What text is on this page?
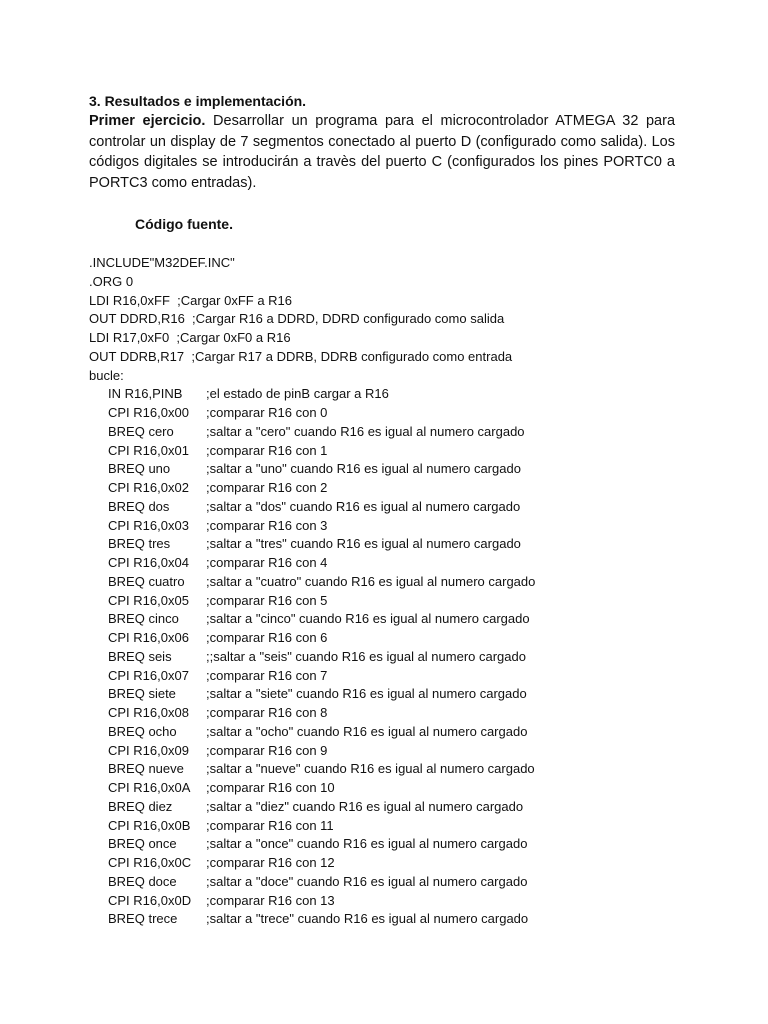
3. Resultados e implementación.

Primer ejercicio. Desarrollar un programa para el microcontrolador ATMEGA 32 para controlar un display de 7 segmentos conectado al puerto D (configurado como salida). Los códigos digitales se introducirán a travès del puerto C (configurados los pines PORTC0 a PORTC3 como entradas).

Código fuente.

.INCLUDE"M32DEF.INC"
.ORG 0
LDI R16,0xFF  ;Cargar 0xFF a R16
OUT DDRD,R16  ;Cargar R16 a DDRD, DDRD configurado como salida
LDI R17,0xF0  ;Cargar 0xF0 a R16
OUT DDRB,R17  ;Cargar R17 a DDRB, DDRB configurado como entrada
bucle:
IN R16,PINB ;el estado de pinB cargar a R16
CPI R16,0x00 ;comparar R16 con 0
BREQ cero ;saltar a "cero" cuando R16 es igual al numero cargado
CPI R16,0x01 ;comparar R16 con 1
BREQ uno	;saltar a "uno" cuando R16 es igual al numero cargado
CPI R16,0x02 ;comparar R16 con 2
BREQ dos	;saltar a "dos" cuando R16 es igual al numero cargado
CPI R16,0x03 ;comparar R16 con 3
BREQ tres	;saltar a "tres" cuando R16 es igual al numero cargado
CPI R16,0x04 ;comparar R16 con 4
BREQ cuatro ;saltar a "cuatro" cuando R16 es igual al numero cargado
CPI R16,0x05 ;comparar R16 con 5
BREQ cinco ;saltar a "cinco" cuando R16 es igual al numero cargado
CPI R16,0x06 ;comparar R16 con 6
BREQ seis	;;saltar a "seis" cuando R16 es igual al numero cargado
CPI R16,0x07 ;comparar R16 con 7
BREQ siete ;saltar a "siete" cuando R16 es igual al numero cargado
CPI R16,0x08 ;comparar R16 con 8
BREQ ocho ;saltar a "ocho" cuando R16 es igual al numero cargado
CPI R16,0x09 ;comparar R16 con 9
BREQ nueve ;saltar a "nueve" cuando R16 es igual al numero cargado
CPI R16,0x0A ;comparar R16 con 10
BREQ diez	;saltar a "diez" cuando R16 es igual al numero cargado
CPI R16,0x0B ;comparar R16 con 11
BREQ once ;saltar a "once" cuando R16 es igual al numero cargado
CPI R16,0x0C ;comparar R16 con 12
BREQ doce ;saltar a "doce" cuando R16 es igual al numero cargado
CPI R16,0x0D ;comparar R16 con 13
BREQ trece ;saltar a "trece" cuando R16 es igual al numero cargado
